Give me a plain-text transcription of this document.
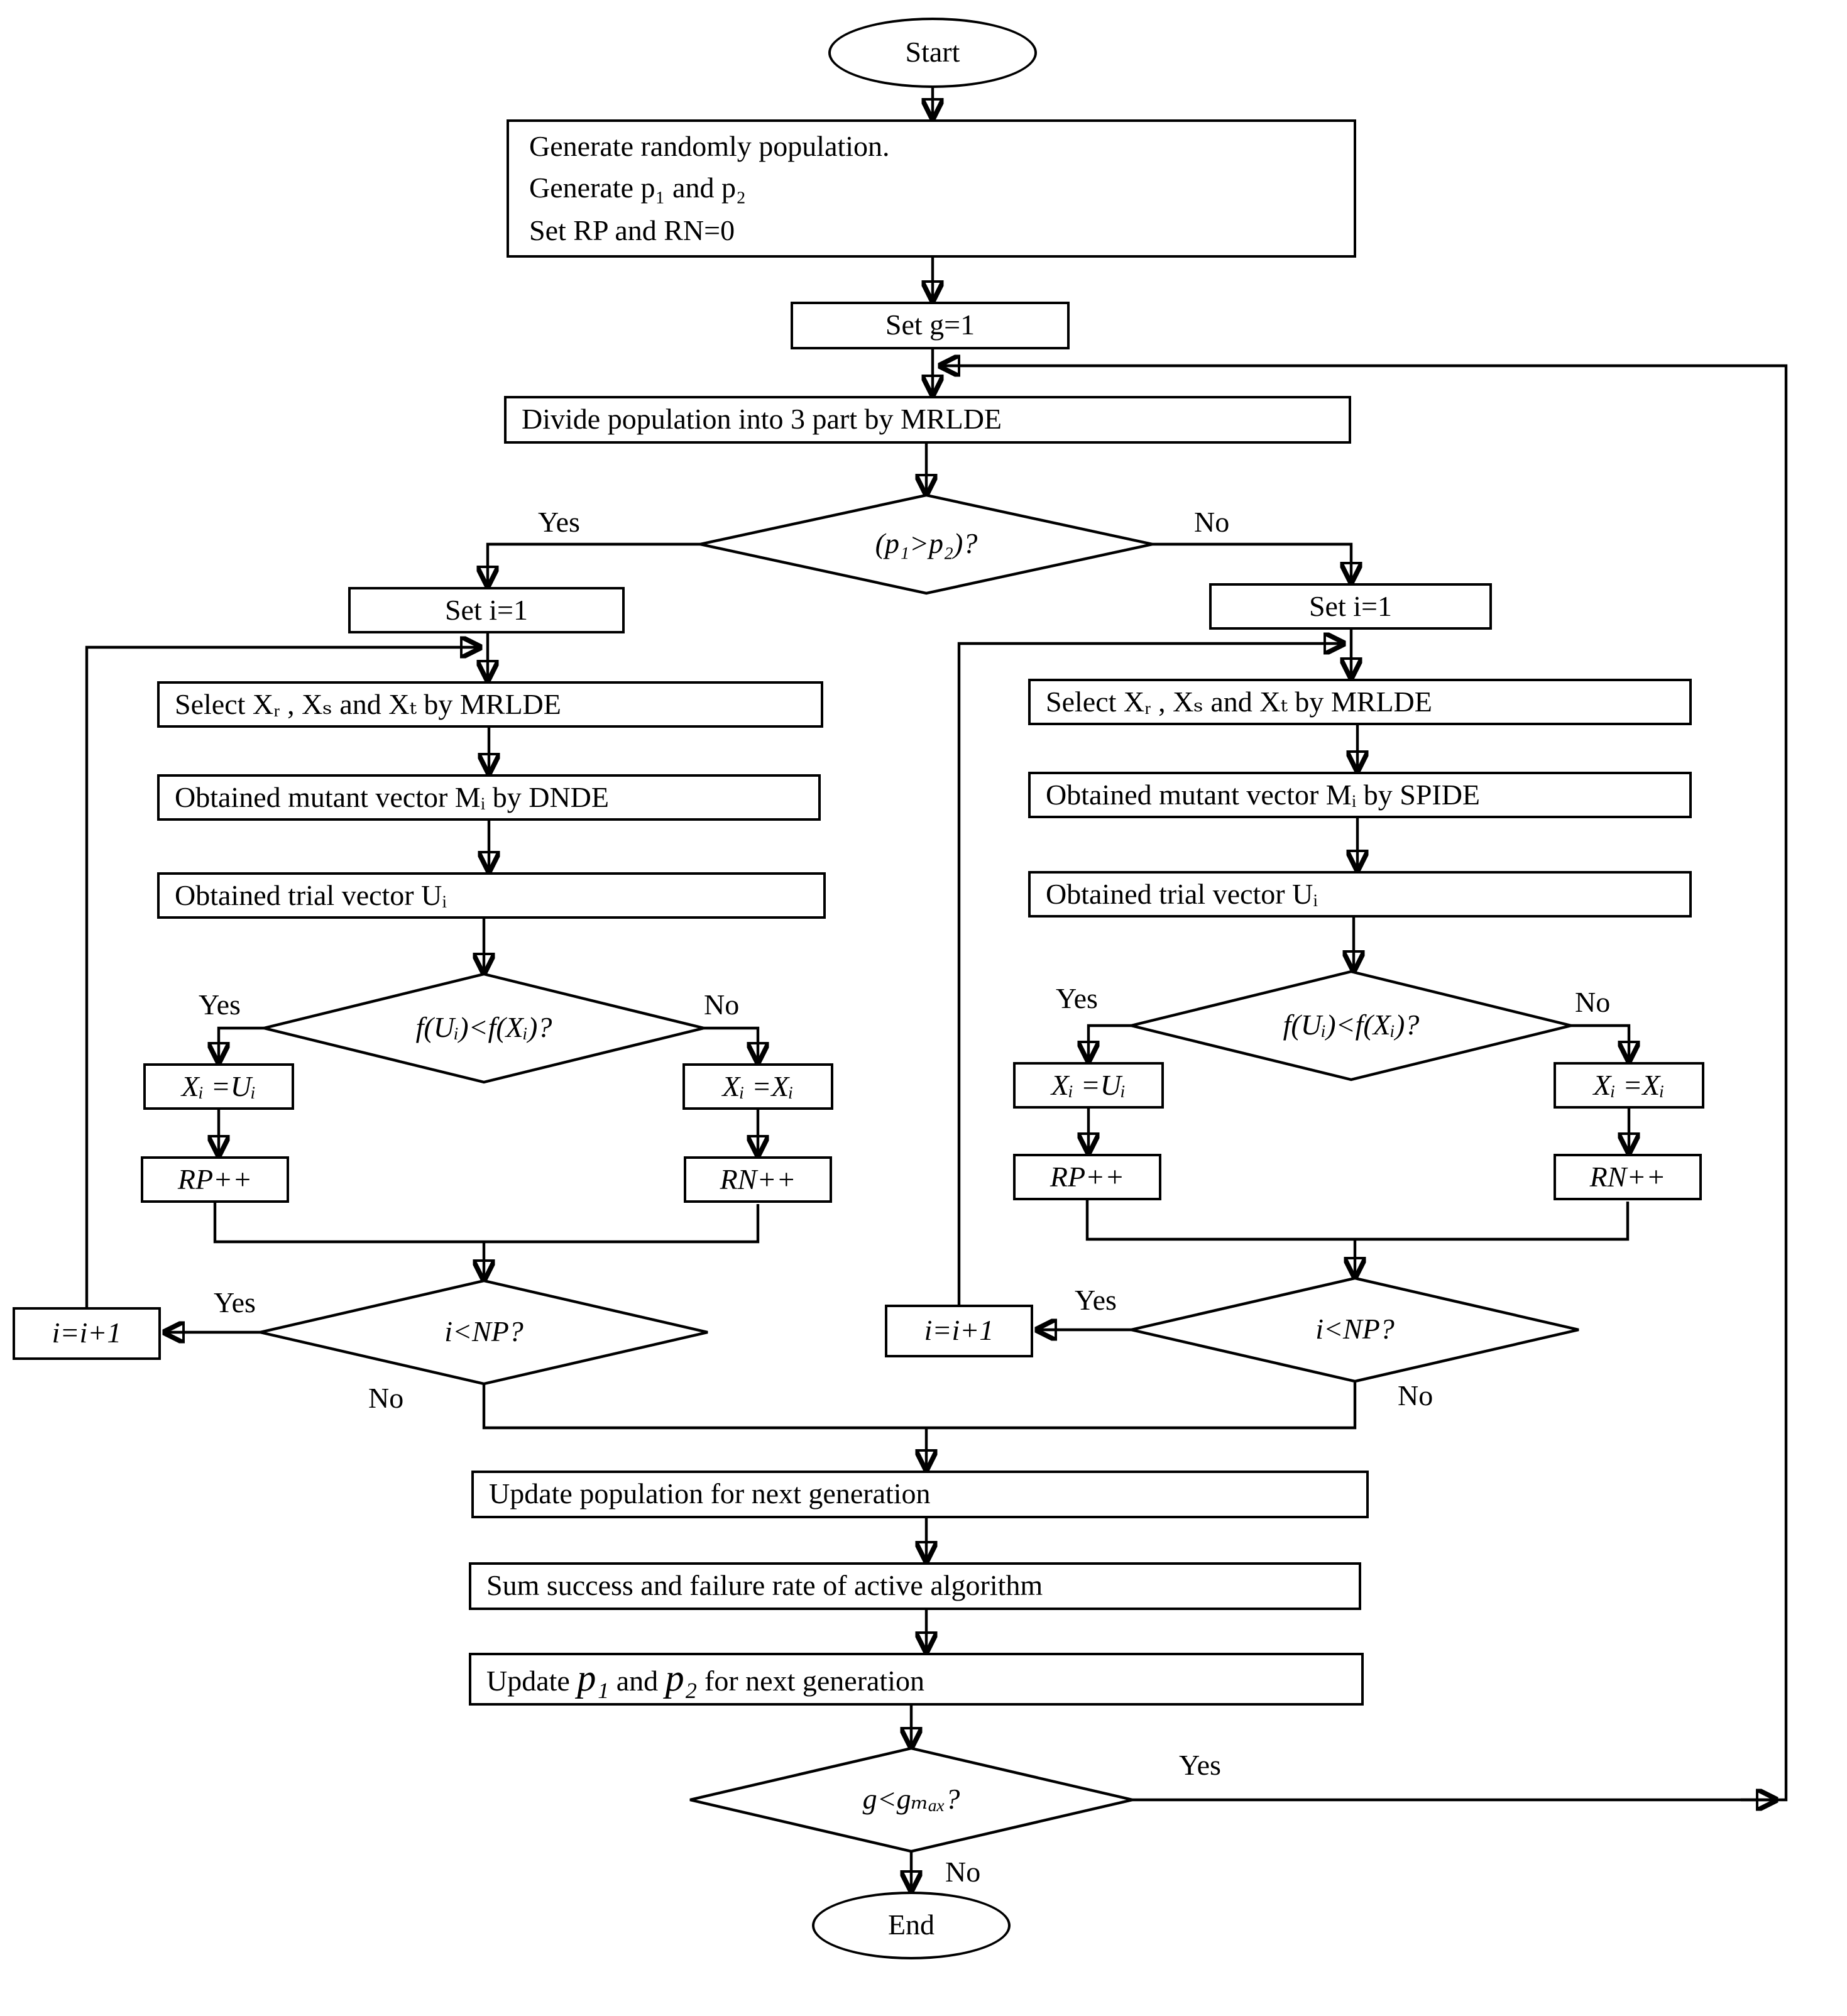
Start
End
Generate randomly population.
Generate p₁ and p₂
Set RP and RN=0
Set g=1
Divide population into 3 part by MRLDE
(p₁>p₂)?
f(Uᵢ)<f(Xᵢ)?	f(Uᵢ)<f(Xᵢ)?
i<NP?	i<NP?
g<gₘₐₓ?
Set i=1
Select Xᵣ , Xₛ and Xₜ by MRLDE
Obtained mutant vector Mᵢ by DNDE
Obtained trial vector Uᵢ
Xᵢ =Uᵢ	Xᵢ =Xᵢ
RP++	RN++
i=i+1
Set i=1
Select Xᵣ , Xₛ and Xₜ by MRLDE
Obtained mutant vector Mᵢ by SPIDE
Obtained trial vector Uᵢ
Xᵢ =Uᵢ	Xᵢ =Xᵢ
RP++	RN++
i=i+1
Update population for next generation
Sum success and failure rate of active algorithm
Update p₁ and p₂ for next generation
Yes	No
Yes	No	Yes	No
Yes
No
Yes
No
Yes
No
